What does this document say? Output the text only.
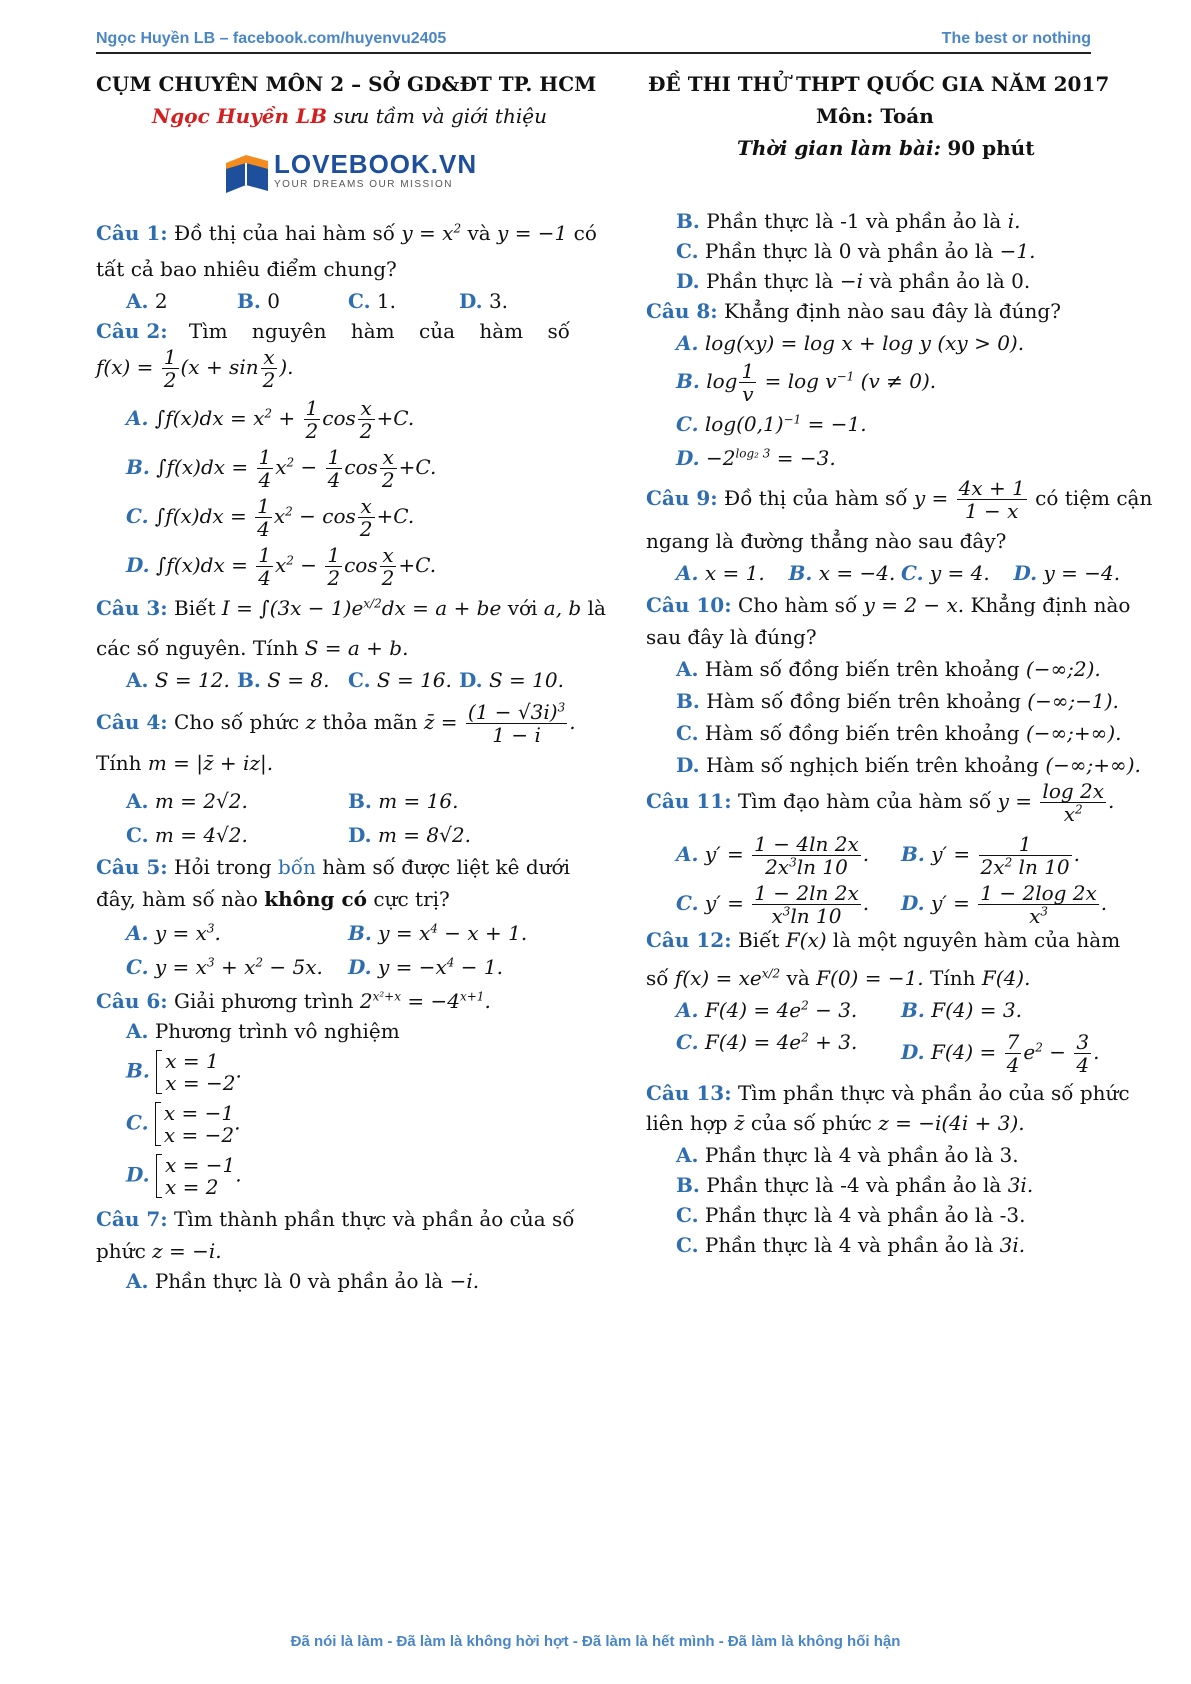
Ngọc Huyền LB – facebook.com/huyenvu2405	The best or nothing
CỤM CHUYÊN MÔN 2 – SỞ GD&ĐT TP. HCM
Ngọc Huyền LB sưu tầm và giới thiệu
LOVEBOOK.VN
YOUR DREAMS OUR MISSION
ĐỀ THI THỬ THPT QUỐC GIA NĂM 2017
Môn: Toán
Thời gian làm bài: 90 phút
Câu 1: Đồ thị của hai hàm số $y = x^2$ và y = −1 có
tất cả bao nhiêu điểm chung?
A. 2	B. 0	C. 1.	D. 3.
Câu 2: Tìm nguyên hàm của hàm số
$f(x) = \frac{1}{2} (x + \sin \frac{x}{2}$ ).
A. $\int f(x)dx = x^2 + \frac{1}{2}$ $\cos \frac{x}{2} +C$.
B. $\int f(x)dx = \frac{1}{4} x^2 - \frac{1}{4}$ $\cos \frac{x}{2} +C$.
C. $\int f(x)dx = \frac{1}{4} x^2 - \cos \frac{x}{2} +C$.
D. $\int f(x)dx = \frac{1}{4} x^2 - \frac{1}{2}$ $\cos \frac{x}{2} +C$.
Câu 3: Biết $I = \int(3x - 1)e^{x/2}dx = a$ + be với a, b là
các số nguyên. Tính S = a + b.
A. S = 12. B. S = 8. C. S = 16. D. S = 10.
Câu 4: Cho số phức z thỏa mãn z̄ = $\frac{(1 - √3i)^3}{1 - i}$ .
Tính m = |z̄ + iz|.
A. m = 2√2.	B. m = 16.
C. m = 4√2.	D. m = 8√2.
Câu 5: Hỏi trong bốn hàm số được liệt kê dưới
đây, hàm số nào không có cực trị?
A. $y = x^3$.	B. $y = x^4 - x + 1$.
C. $y = x^3 + x^2 - 5x$.	D. $y = -x^4 - 1$.
Câu 6: Giải phương trình $2^{x^2+x} = -4^{x+1}$.
A. Phương trình vô nghiệm
B. x = 1
x = −2
.
C. x = −1
x = −2
.
D. x = −1
x = 2
.
Câu 7: Tìm thành phần thực và phần ảo của số
phức z = −i.
A. Phần thực là 0 và phần ảo là −i.
B. Phần thực là -1 và phần ảo là i.
C. Phần thực là 0 và phần ảo là −1.
D. Phần thực là −i và phần ảo là 0.
Câu 8: Khẳng định nào sau đây là đúng?
A. log(xy) = log x + log y (xy > 0).
B. $\log \frac{1}{v} = \log v^{-1}$ (v ≠ 0).
C. $\log(0,1)^{-1} = -1$.
D. $-2^{log_2 3} = -3$.
Câu 9: Đồ thị của hàm số $y = \frac{4x + 1}{1 - x}$ có tiệm cận
ngang là đường thẳng nào sau đây?
A. x = 1.	B. x = −4. C. y = 4.	D. y = −4.
Câu 10: Cho hàm số y = 2 − x. Khẳng định nào
sau đây là đúng?
A. Hàm số đồng biến trên khoảng (−∞;2).
B. Hàm số đồng biến trên khoảng (−∞;−1).
C. Hàm số đồng biến trên khoảng (−∞;+∞).
D. Hàm số nghịch biến trên khoảng (−∞;+∞).
Câu 11: Tìm đạo hàm của hàm số $y = \frac{\log 2x}{x^2}$ .
A. $y' = \frac{1 - 4\ln 2x}{2x^3\ln 10}$ .	B. $y' = \frac{1}{2x^2 \ln 10}$ .
C. $y' = \frac{1 - 2\ln 2x}{x^3\ln 10}$ .	D. $y' = \frac{1 - 2\log 2x}{x^3}$ .
Câu 12: Biết F(x) là một nguyên hàm của hàm
số $f(x) = xe^{x/2}$ và F(0) = −1. Tính F(4).
A. $F(4) = 4e^2 - 3$.	B. F(4) = 3.
C. $F(4) = 4e^2 + 3$.	D. $F(4) = \frac{7}{4} e^2 - \frac{3}{4}$ .
Câu 13: Tìm phần thực và phần ảo của số phức
liên hợp z̄ của số phức z = −i(4i + 3).
A. Phần thực là 4 và phần ảo là 3.
B. Phần thực là -4 và phần ảo là 3i.
C. Phần thực là 4 và phần ảo là -3.
C. Phần thực là 4 và phần ảo là 3i.
Đã nói là làm - Đã làm là không hời hợt - Đã làm là hết mình - Đã làm là không hối hận
